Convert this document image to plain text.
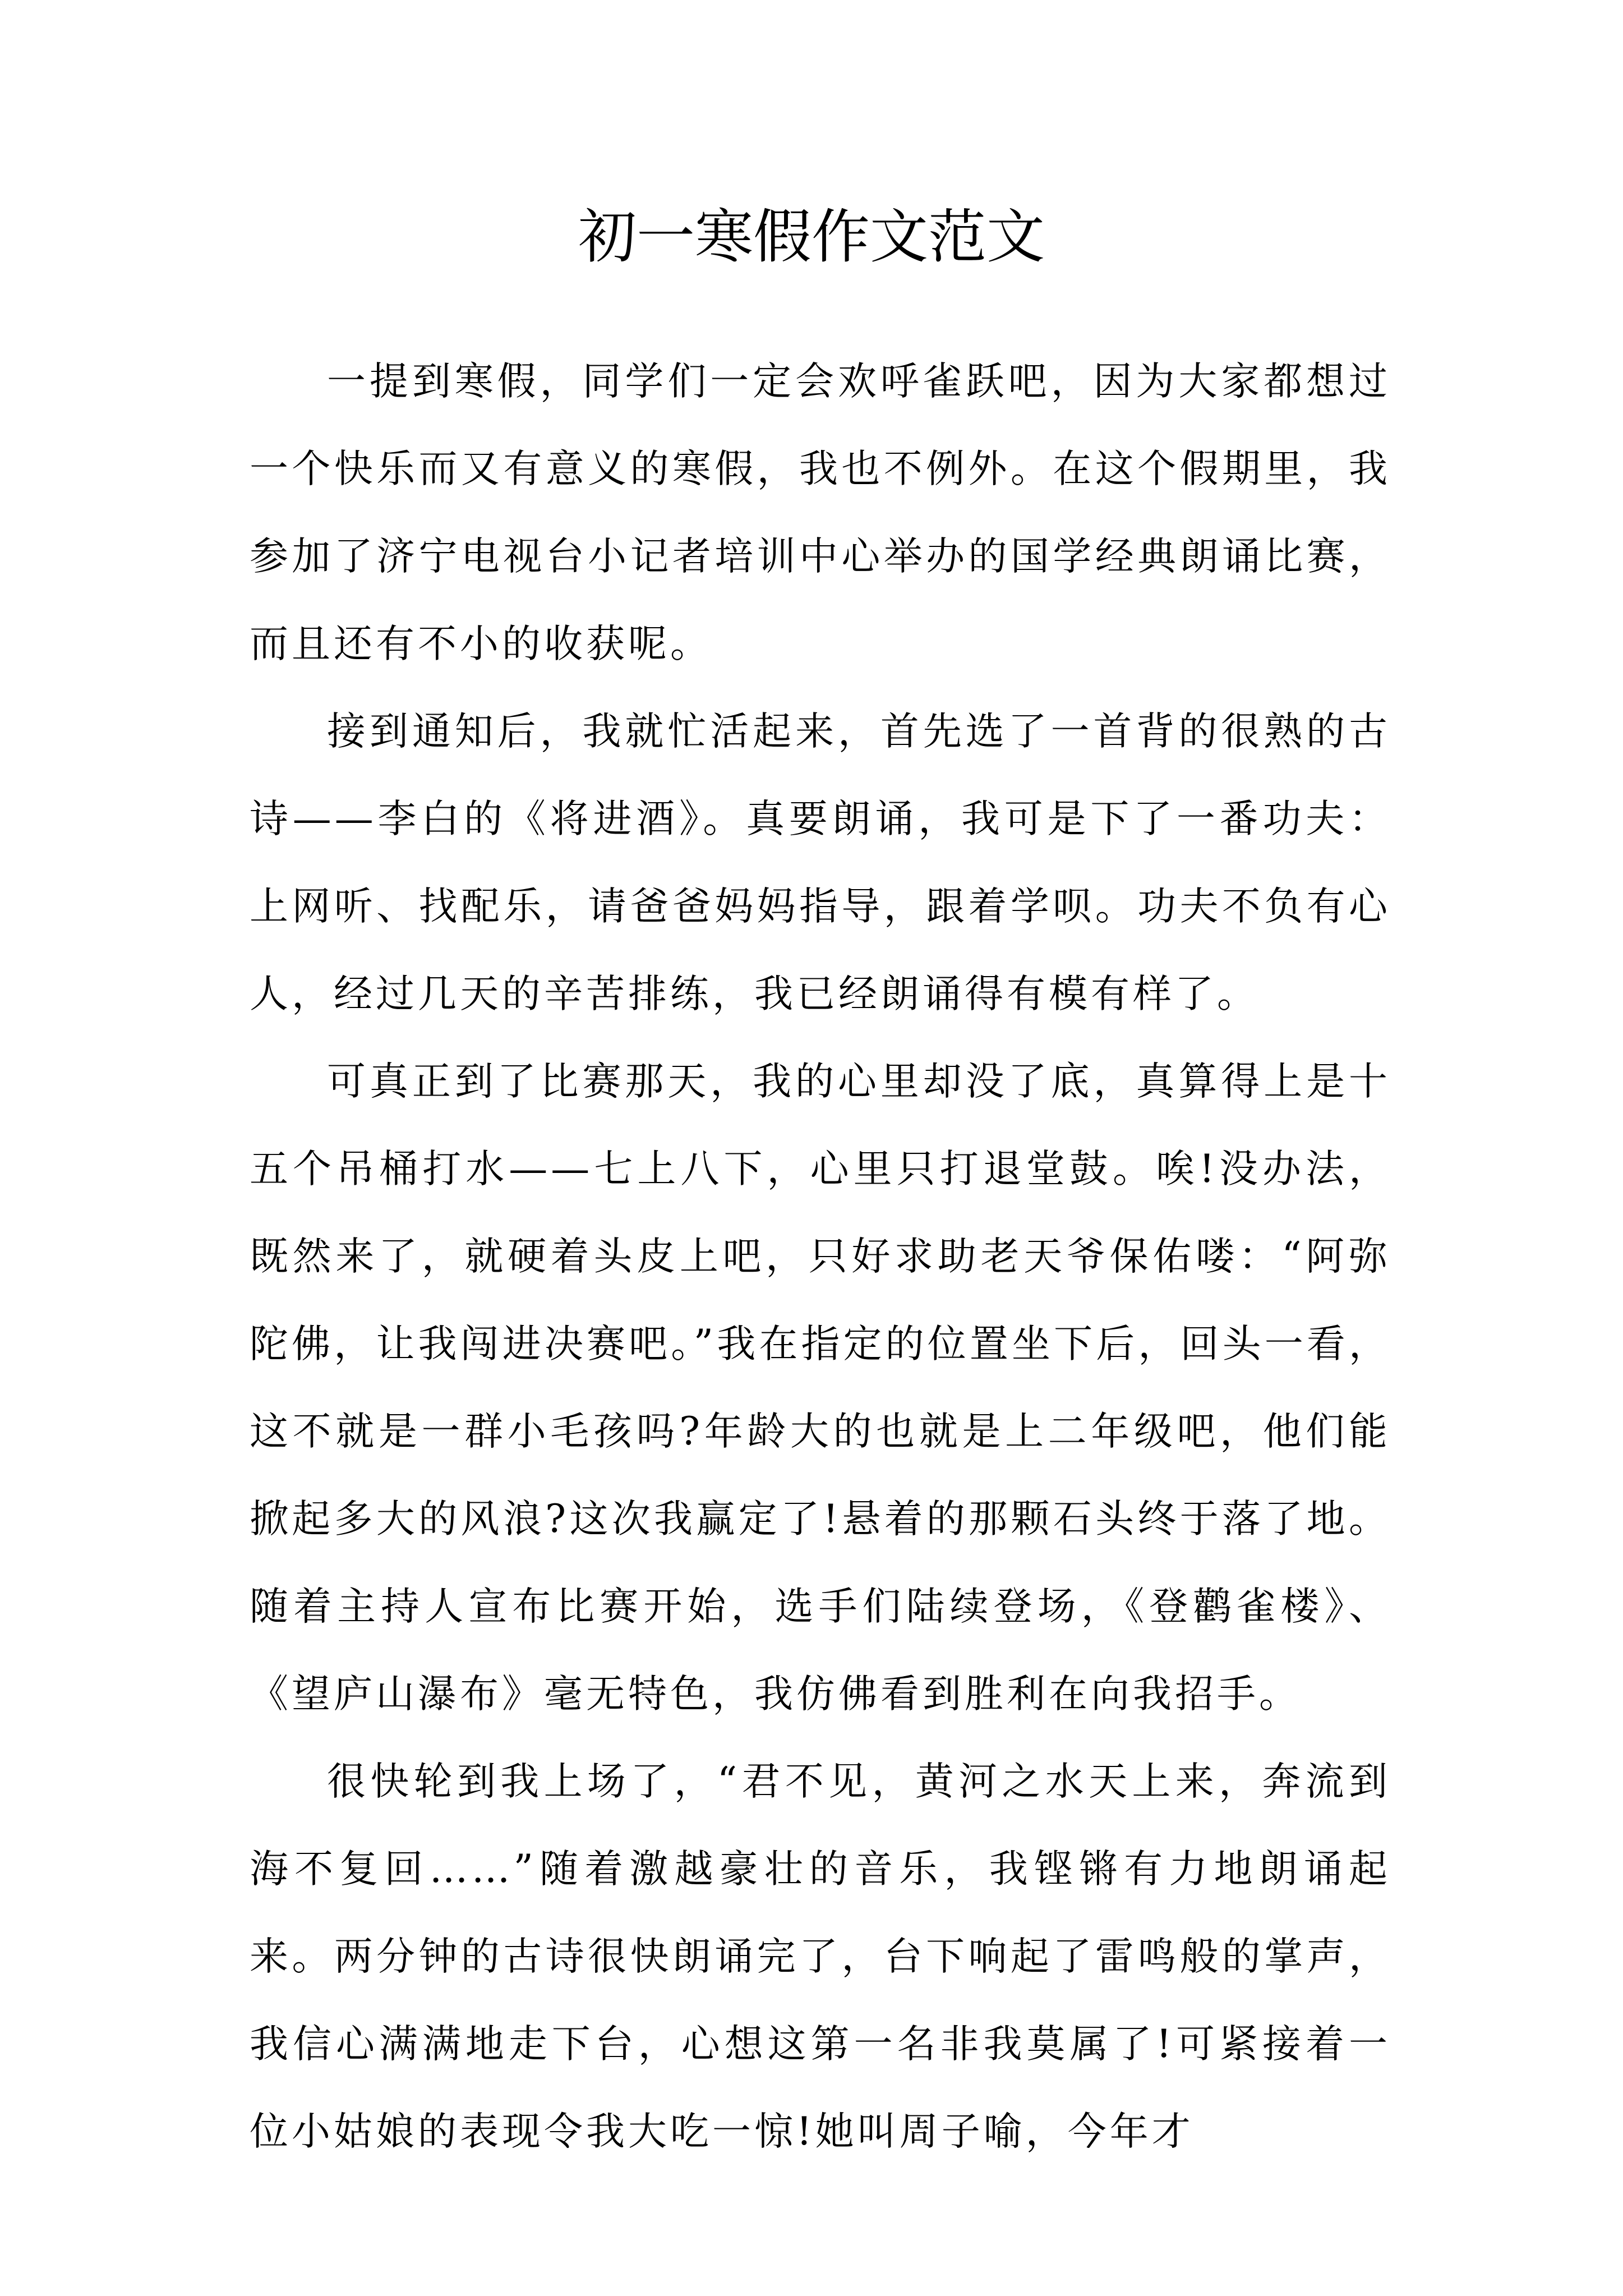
初一寒假作文范文

一提到寒假，同学们一定会欢呼雀跃吧，因为大家都想过一个快乐而又有意义的寒假，我也不例外。在这个假期里，我参加了济宁电视台小记者培训中心举办的国学经典朗诵比赛，而且还有不小的收获呢。

接到通知后，我就忙活起来，首先选了一首背的很熟的古诗——李白的《将进酒》。真要朗诵，我可是下了一番功夫：上网听、找配乐，请爸爸妈妈指导，跟着学呗。功夫不负有心人，经过几天的辛苦排练，我已经朗诵得有模有样了。

可真正到了比赛那天，我的心里却没了底，真算得上是十五个吊桶打水——七上八下，心里只打退堂鼓。唉!没办法，既然来了，就硬着头皮上吧，只好求助老天爷保佑喽：“阿弥陀佛，让我闯进决赛吧。”我在指定的位置坐下后，回头一看，这不就是一群小毛孩吗?年龄大的也就是上二年级吧，他们能掀起多大的风浪?这次我赢定了!悬着的那颗石头终于落了地。随着主持人宣布比赛开始，选手们陆续登场，《登鹳雀楼》、《望庐山瀑布》毫无特色，我仿佛看到胜利在向我招手。

很快轮到我上场了，“君不见，黄河之水天上来，奔流到海不复回……”随着激越豪壮的音乐，我铿锵有力地朗诵起来。两分钟的古诗很快朗诵完了，台下响起了雷鸣般的掌声，我信心满满地走下台，心想这第一名非我莫属了!可紧接着一位小姑娘的表现令我大吃一惊!她叫周子喻，今年才
